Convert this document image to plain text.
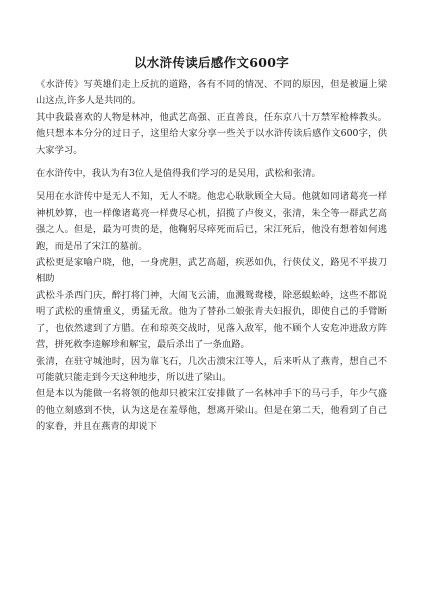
以水浒传读后感作文600字

《水浒传》写英雄们走上反抗的道路，各有不同的情况、不同的原因，但是被逼上梁山这点,许多人是共同的。

其中我最喜欢的人物是林冲，他武艺高强、正直善良，任东京八十万禁军枪棒教头。他只想本本分分的过日子，这里给大家分享一些关于以水浒传读后感作文600字，供大家学习。

在水浒传中，我认为有3位人是值得我们学习的是吴用，武松和张清。

吴用在水浒传中是无人不知，无人不晓。他忠心耿耿顾全大局。他就如同诸葛亮一样神机妙算，也一样像诸葛亮一样费尽心机，招揽了卢俊义，张清，朱仝等一群武艺高强之人。但是，最为可贵的是，他鞠躬尽瘁死而后已，宋江死后，他没有想着如何逃跑，而是吊了宋江的墓前。

武松更是家喻户晓，他，一身虎胆，武艺高超，疾恶如仇，行侠仗义，路见不平拔刀相助

武松斗杀西门庆，醉打将门神，大闹飞云浦，血溅鸳鸯楼，除恶蜈蚣岭，这些不都说明了武松的重情重义，勇猛无敌。他为了替孙二娘张青夫妇报仇，即使自己的手臂断了，也依然逮到了方腊。在和琼英交战时，见落入敌军，他不顾个人安危冲进敌方阵营，拼死救李逵解珍和解宝，最后杀出了一条血路。

张清，在驻守城池时，因为靠飞石，几次击溃宋江等人，后来听从了燕青，想自己不可能就只能走到今天这种地步，所以进了梁山。

但是本以为能做一名将领的他却只被宋江安排做了一名林冲手下的马弓手，年少气盛的他立刻感到不快，认为这是在羞辱他，想离开梁山。但是在第二天，他看到了自己的家眷，并且在燕青的却说下
